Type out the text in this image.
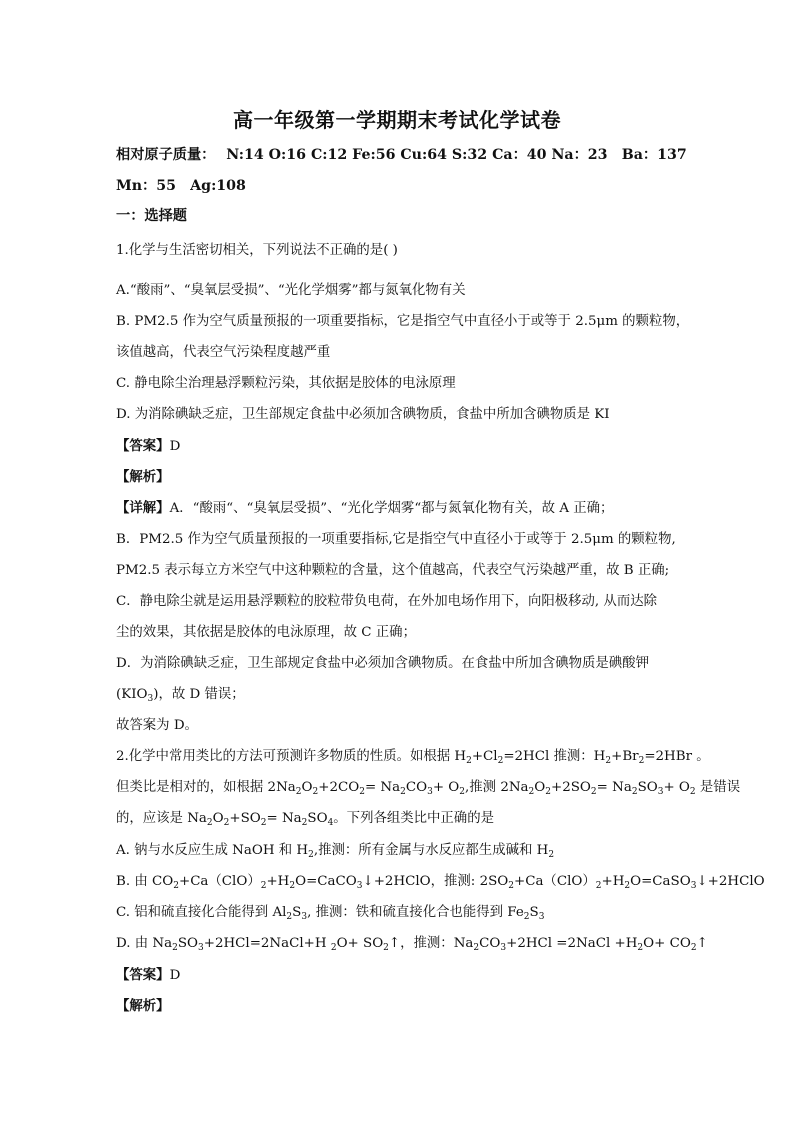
高一年级第一学期期末考试化学试卷
相对原子质量： N:14 O:16 C:12 Fe:56 Cu:64 S:32 Ca：40 Na：23　Ba：137
Mn：55　Ag:108
一：选择题
1.化学与生活密切相关，下列说法不正确的是( )
A.“酸雨”、“臭氧层受损”、“光化学烟雾”都与氮氧化物有关
B. PM2.5 作为空气质量预报的一项重要指标，它是指空气中直径小于或等于 2.5μm 的颗粒物，
该值越高，代表空气污染程度越严重
C. 静电除尘治理悬浮颗粒污染，其依据是胶体的电泳原理
D. 为消除碘缺乏症，卫生部规定食盐中必须加含碘物质，食盐中所加含碘物质是 KI
【答案】D
【解析】
【详解】A．“酸雨“、“臭氧层受损”、“光化学烟雾“都与氮氧化物有关，故 A 正确；
B．PM2.5 作为空气质量预报的一项重要指标,它是指空气中直径小于或等于 2.5μm 的颗粒物,
PM2.5 表示每立方米空气中这种颗粒的含量，这个值越高，代表空气污染越严重，故 B 正确;
C．静电除尘就是运用悬浮颗粒的胶粒带负电荷，在外加电场作用下，向阳极移动, 从而达除
尘的效果，其依据是胶体的电泳原理，故 C 正确；
D．为消除碘缺乏症，卫生部规定食盐中必须加含碘物质。在食盐中所加含碘物质是碘酸钾
$(KIO_3)$，故 D 错误；
故答案为 D。
2.化学中常用类比的方法可预测许多物质的性质。如根据 $H_2+Cl_2=2HCl$ 推测：$H_2+Br_2=2HBr$ 。
但类比是相对的，如根据 $2Na_2O_2+2CO_2= Na_2CO_3+ O_2$,推测 $2Na_2O_2+2SO_2= Na_2SO_3+ O_2$ 是错误
的，应该是 $Na_2O_2+SO_2= Na_2SO_4$。下列各组类比中正确的是
A. 钠与水反应生成 NaOH 和 $H_2$,推测：所有金属与水反应都生成碱和 $H_2$
B. 由 $CO_2+Ca(ClO)_2+H_2O=CaCO_3↓+2HClO$，推测: $2SO_2+Ca(ClO)_2+H_2O=CaSO_3↓+2HClO$
C. 铝和硫直接化合能得到 $Al_2S_3$, 推测：铁和硫直接化合也能得到 $Fe_2S_3$
D. 由 $Na_2SO_3+2HCl=2NaCl+H$ $_2O+ SO_2↑$，推测：$Na_2CO_3+2HCl$ =2NaCl $+H_2O+$ $CO_2↑$
【答案】D
【解析】
